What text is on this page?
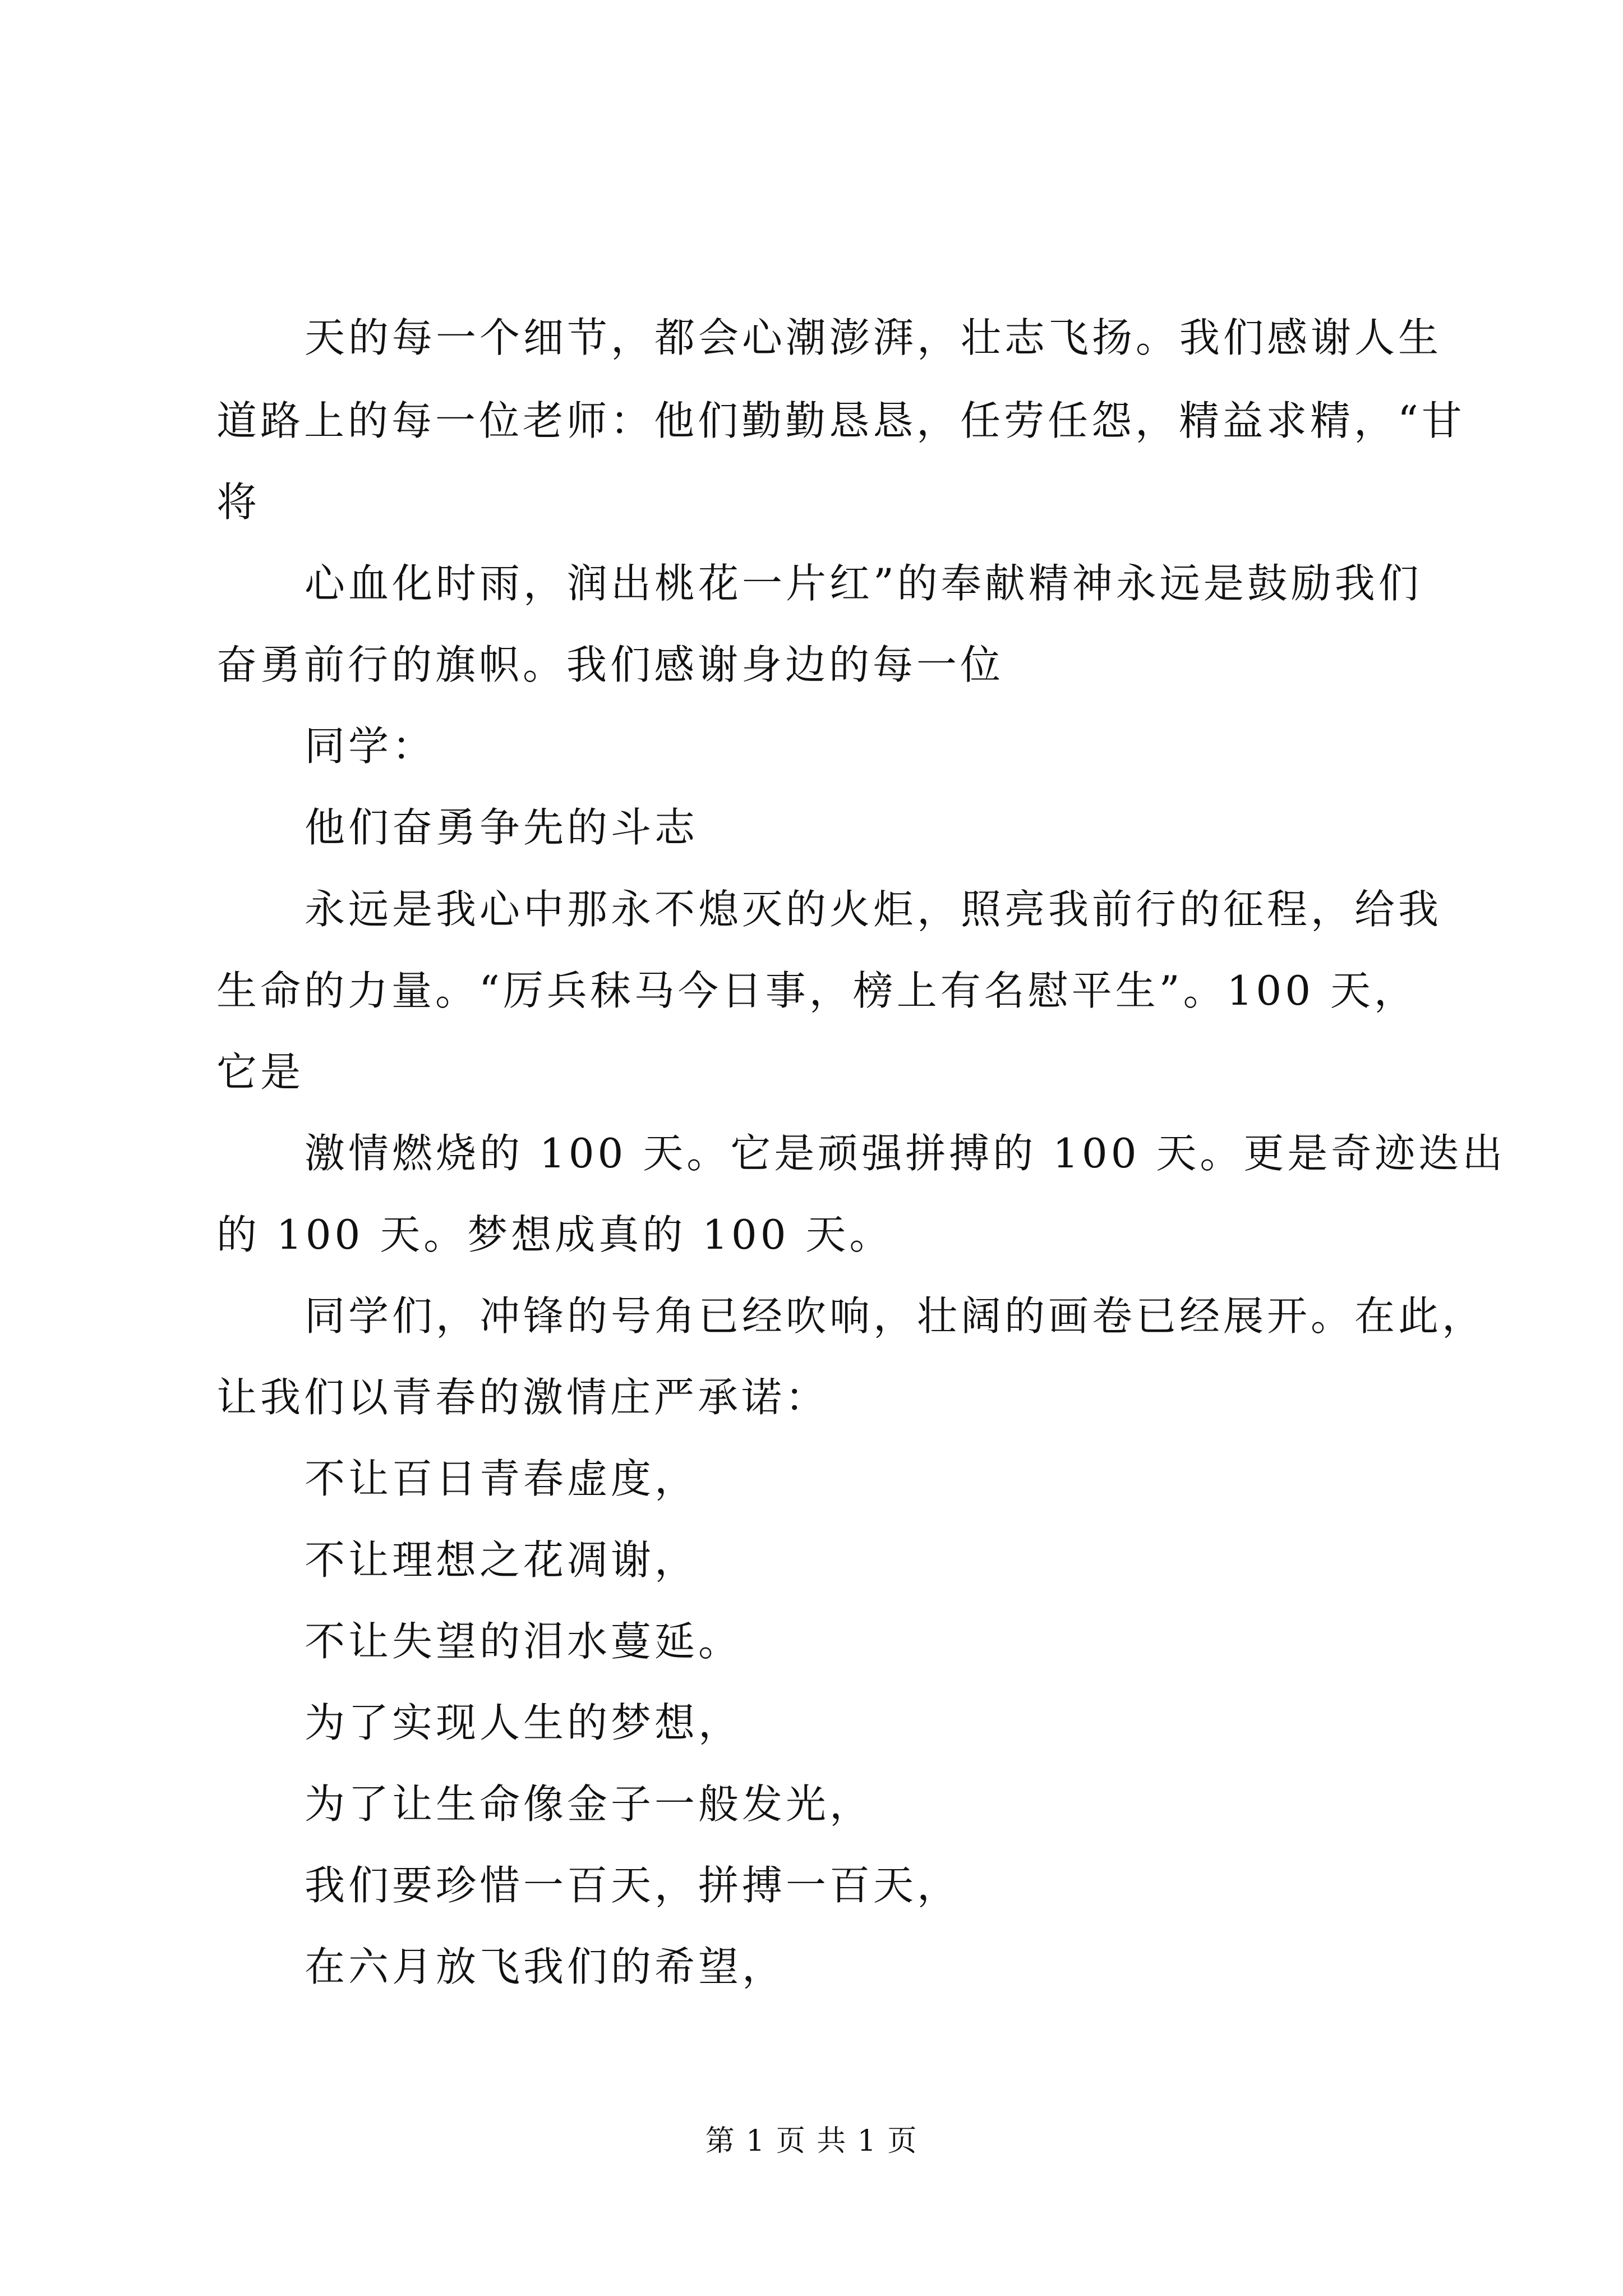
天的每一个细节，都会心潮澎湃，壮志飞扬。我们感谢人生
道路上的每一位老师：他们勤勤恳恳，任劳任怨，精益求精，“甘
将
心血化时雨，润出桃花一片红”的奉献精神永远是鼓励我们
奋勇前行的旗帜。我们感谢身边的每一位
同学：
他们奋勇争先的斗志
永远是我心中那永不熄灭的火炬，照亮我前行的征程，给我
生命的力量。“厉兵秣马今日事，榜上有名慰平生”。100 天，
它是
激情燃烧的 100 天。它是顽强拼搏的 100 天。更是奇迹迭出
的 100 天。梦想成真的 100 天。
同学们，冲锋的号角已经吹响，壮阔的画卷已经展开。在此，
让我们以青春的激情庄严承诺：
不让百日青春虚度，
不让理想之花凋谢，
不让失望的泪水蔓延。
为了实现人生的梦想，
为了让生命像金子一般发光，
我们要珍惜一百天，拼搏一百天，
在六月放飞我们的希望，
第 1 页 共 1 页
